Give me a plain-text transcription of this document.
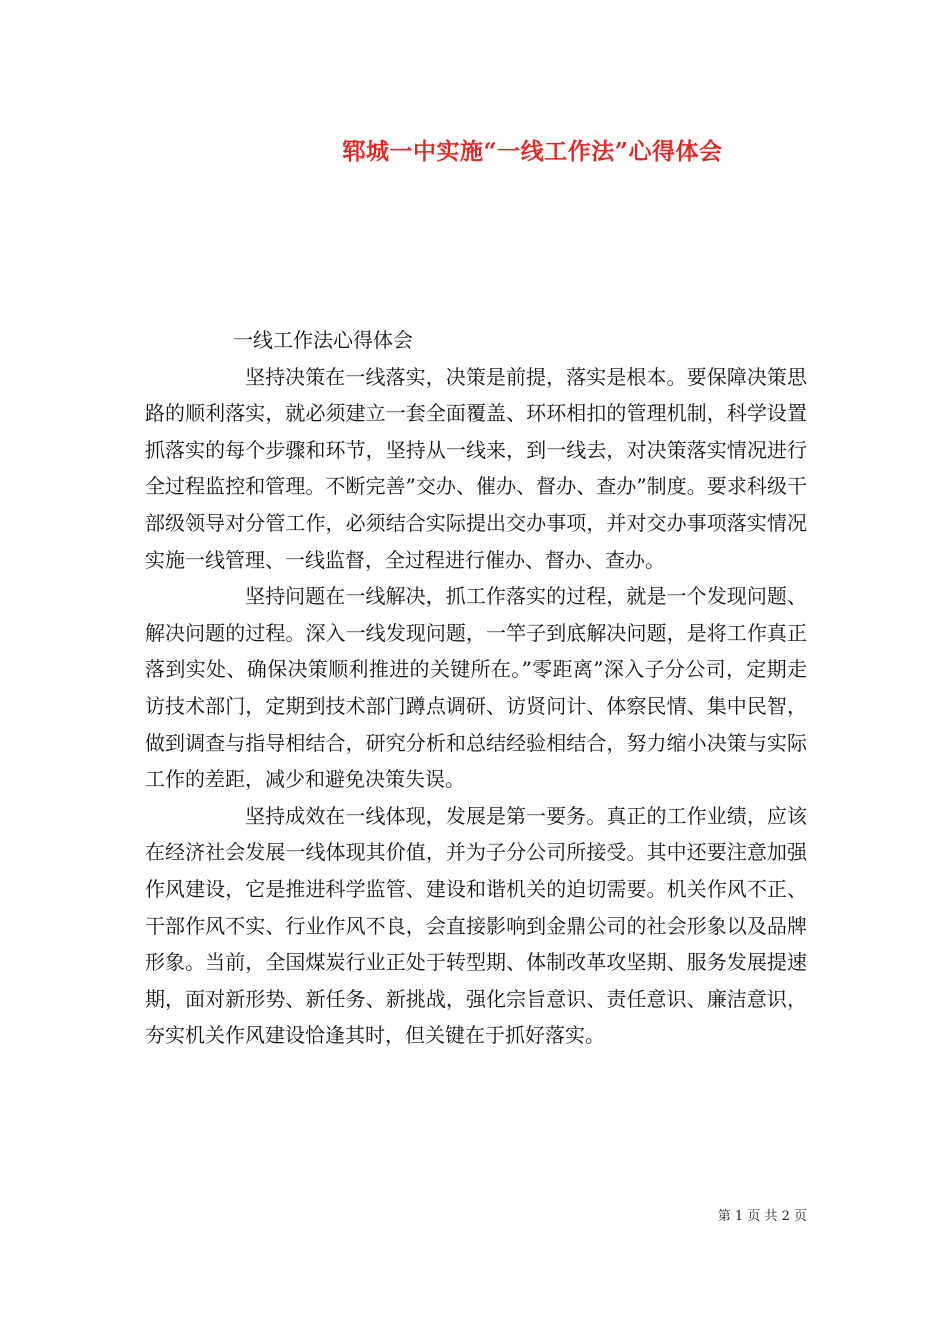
郓城一中实施“一线工作法”心得体会

一线工作法心得体会

坚持决策在一线落实，决策是前提，落实是根本。要保障决策思路的顺利落实，就必须建立一套全面覆盖、环环相扣的管理机制，科学设置抓落实的每个步骤和环节，坚持从一线来，到一线去，对决策落实情况进行全过程监控和管理。不断完善”交办、催办、督办、查办”制度。要求科级干部级领导对分管工作，必须结合实际提出交办事项，并对交办事项落实情况实施一线管理、一线监督，全过程进行催办、督办、查办。

坚持问题在一线解决，抓工作落实的过程，就是一个发现问题、解决问题的过程。深入一线发现问题，一竿子到底解决问题，是将工作真正落到实处、确保决策顺利推进的关键所在。”零距离”深入子分公司，定期走访技术部门，定期到技术部门蹲点调研、访贤问计、体察民情、集中民智，做到调查与指导相结合，研究分析和总结经验相结合，努力缩小决策与实际工作的差距，减少和避免决策失误。

坚持成效在一线体现，发展是第一要务。真正的工作业绩，应该在经济社会发展一线体现其价值，并为子分公司所接受。其中还要注意加强作风建设，它是推进科学监管、建设和谐机关的迫切需要。机关作风不正、干部作风不实、行业作风不良，会直接影响到金鼎公司的社会形象以及品牌形象。当前，全国煤炭行业正处于转型期、体制改革攻坚期、服务发展提速期，面对新形势、新任务、新挑战，强化宗旨意识、责任意识、廉洁意识，夯实机关作风建设恰逢其时，但关键在于抓好落实。

第 1 页 共 2 页
